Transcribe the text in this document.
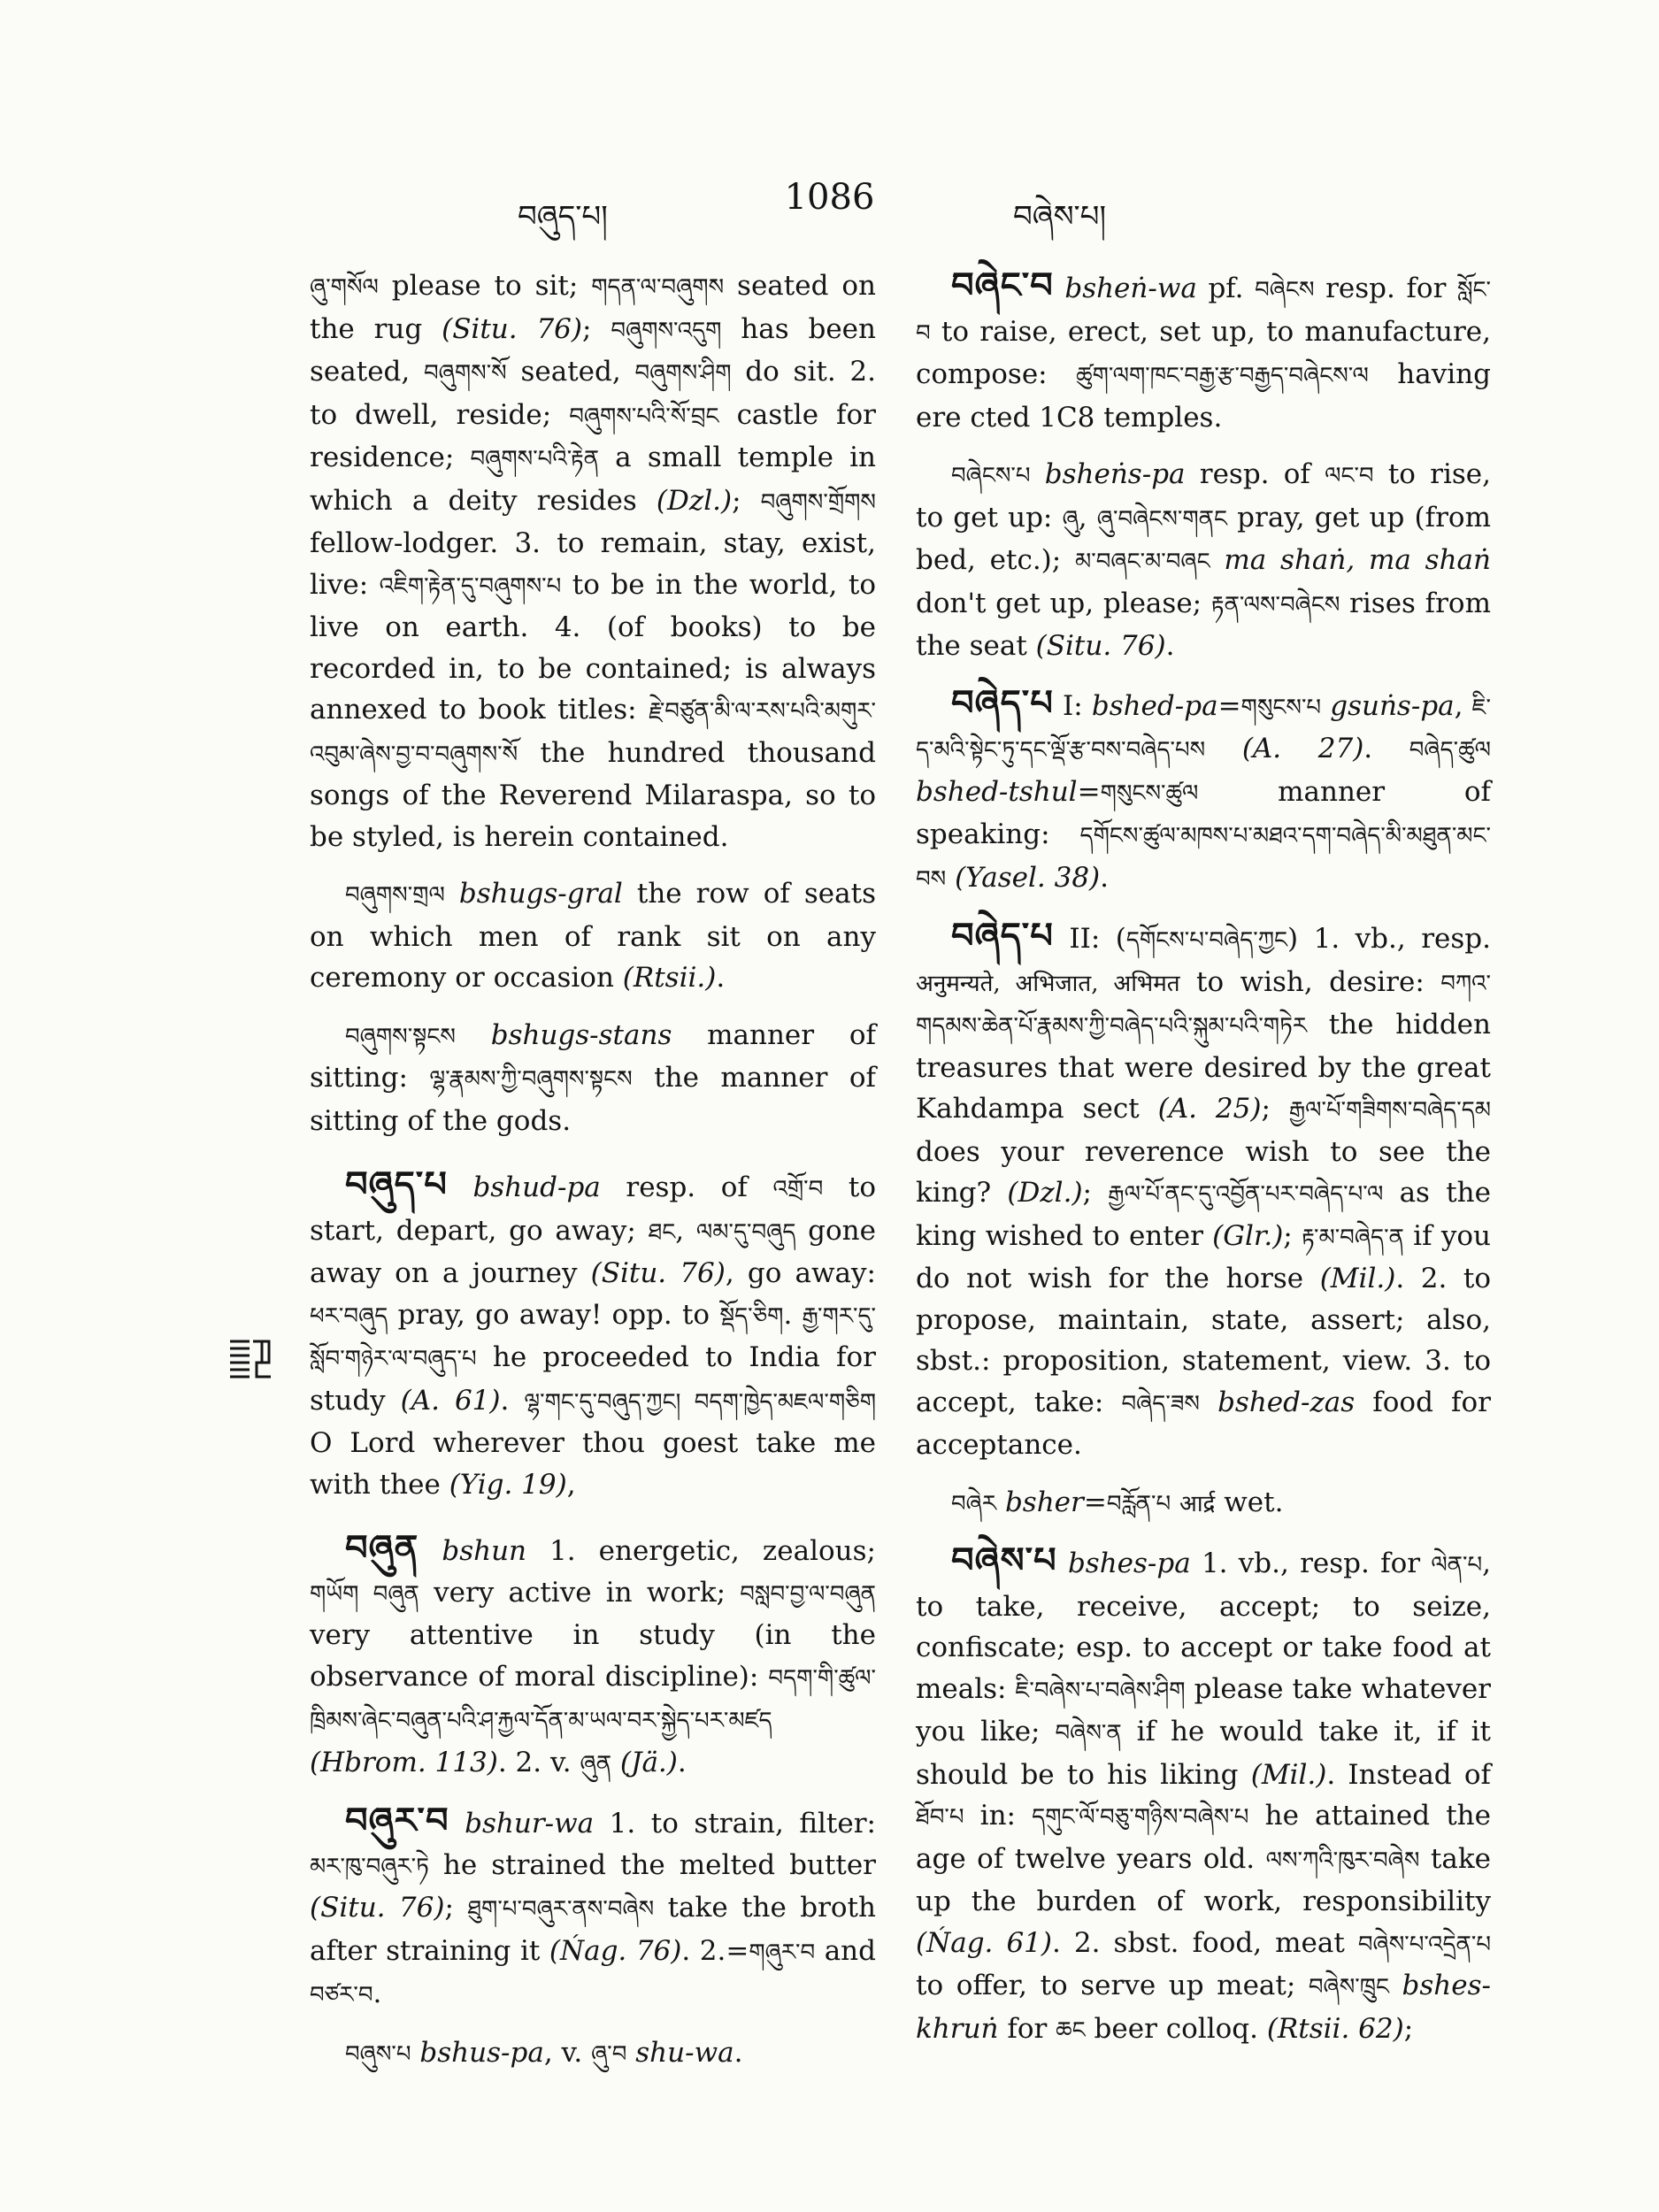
བཞུད་པ།	1086	བཞེས་པ།

ཞུ་གསོལ please to sit; གདན་ལ་བཞུགས seated on the rug (Situ. 76); བཞུགས་འདུག has been seated, བཞུགས་སོ seated, བཞུགས་ཤིག do sit. 2. to dwell, reside; བཞུགས་པའི་སོ་བྲང castle for residence; བཞུགས་པའི་རྟེན a small temple in which a deity resides (Dzl.); བཞུགས་གྲོགས fellow-lodger. 3. to remain, stay, exist, live: འཇིག་རྟེན་དུ་བཞུགས་པ to be in the world, to live on earth. 4. (of books) to be recorded in, to be contained; is always annexed to book titles: རྗེ་བཙུན་མི་ལ་རས་པའི་མགུར་འབུམ་ཞེས་བྱ་བ་བཞུགས་སོ the hundred thousand songs of the Reverend Milaraspa, so to be styled, is herein contained.

བཞུགས་གྲལ bshugs-gral the row of seats on which men of rank sit on any ceremony or occasion (Rtsii.).

བཞུགས་སྟངས bshugs-stans manner of sitting: ལྷ་རྣམས་ཀྱི་བཞུགས་སྟངས the manner of sitting of the gods.

བཞུད་པ bshud-pa resp. of འགྲོ་བ to start, depart, go away; ཐང, ལམ་དུ་བཞུད gone away on a journey (Situ. 76), go away: ཕར་བཞུད pray, go away! opp. to སྡོད་ཅིག. རྒྱ་གར་དུ་སློབ་གཉེར་ལ་བཞུད་པ he proceeded to India for study (A. 61). ལྷ་གང་དུ་བཞུད་ཀྱང། བདག་ཁྱེད་མཇལ་གཅིག O Lord wherever thou goest take me with thee (Yig. 19),

བཞུན bshun 1. energetic, zealous; གཡོག བཞུན very active in work; བསླབ་བྱ་ལ་བཞུན very attentive in study (in the observance of moral discipline): བདག་གི་ཚུལ་ཁྲིམས་ཞེང་བཞུན་པའི་ཤ་རྐྱལ་དོན་མ་ཡལ་བར་སྐྱེད་པར་མཛད (Hbrom. 113). 2. v. ཞུན (Jä.).

བཞུར་བ bshur-wa 1. to strain, filter: མར་ཁུ་བཞུར་ཏེ he strained the melted butter (Situ. 76); ཐུག་པ་བཞུར་ནས་བཞེས take the broth after straining it (Ńag. 76). 2.=གཞུར་བ and བཙར་བ.

བཞུས་པ bshus-pa, v. ཞུ་བ shu-wa.

བཞེང་བ bsheṅ-wa pf. བཞེངས resp. for སློང་བ to raise, erect, set up, to manufacture, compose: ཚུག་ལག་ཁང་བརྒྱ་རྩ་བརྒྱད་བཞེངས་ལ having ere cted 1C8 temples.

བཞེངས་པ bsheṅs-pa resp. of ལང་བ to rise, to get up: ཞུ, ཞུ་བཞེངས་གནང pray, get up (from bed, etc.); མ་བཞང་མ་བཞང ma shaṅ, ma shaṅ don't get up, please; རྟན་ལས་བཞེངས rises from the seat (Situ. 76).

བཞེད་པ I: bshed-pa=གསུངས་པ gsuṅs-pa, ཇི་ད་མའི་སྟེང་ཏུ་དང་ལྡོ་རྩ་བས་བཞེད་པས (A. 27). བཞེད་ཚུལ bshed-tshul=གསུངས་ཚུལ manner of speaking: དགོངས་ཚུལ་མཁས་པ་མཐའ་དག་བཞེད་མི་མཐུན་མང་བས (Yasel. 38).

བཞེད་པ II: (དགོངས་པ་བཞེད་ཀྱང) 1. vb., resp. अनुमन्यते, अभिजात, अभिमत to wish, desire: བཀའ་གདམས་ཆེན་པོ་རྣམས་ཀྱི་བཞེད་པའི་སྐུམ་པའི་གཏེར the hidden treasures that were desired by the great Kahdampa sect (A. 25); རྒྱལ་པོ་གཟིགས་བཞེད་དམ does your reverence wish to see the king? (Dzl.); རྒྱལ་པོ་ནང་དུ་འབྱོན་པར་བཞེད་པ་ལ as the king wished to enter (Glr.); རྟ་མ་བཞེད་ན if you do not wish for the horse (Mil.). 2. to propose, maintain, state, assert; also, sbst.: proposition, statement, view. 3. to accept, take: བཞེད་ཟས bshed-zas food for acceptance.

བཞེར bsher=བརློན་པ आर्द्र wet.

བཞེས་པ bshes-pa 1. vb., resp. for ལེན་པ, to take, receive, accept; to seize, confiscate; esp. to accept or take food at meals: ཇི་བཞེས་པ་བཞེས་ཤིག please take whatever you like; བཞེས་ན if he would take it, if it should be to his liking (Mil.). Instead of ཐོབ་པ in: དགུང་ལོ་བཅུ་གཉིས་བཞེས་པ he attained the age of twelve years old. ལས་ཀའི་ཁུར་བཞེས take up the burden of work, responsibility (Ńag. 61). 2. sbst. food, meat བཞེས་པ་འདྲེན་པ to offer, to serve up meat; བཞེས་ཁྲུང bshes-khruṅ for ཆང beer colloq. (Rtsii. 62);
